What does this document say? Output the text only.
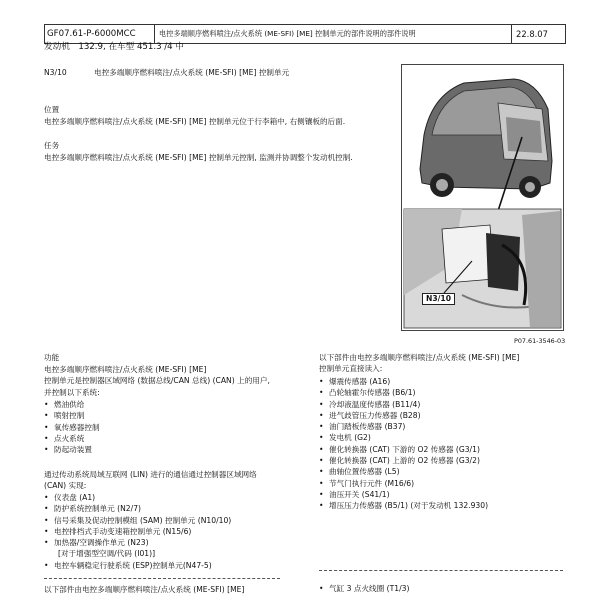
GF07.61-P-6000MCC	电控多端顺序燃料喷注/点火系统 (ME-SFI) [ME] 控制单元的部件说明的部件说明	22.8.07
发动机　132.9, 在车型 451.3 /4 中
N3/10	电控多端顺序燃料喷注/点火系统 (ME-SFI) [ME] 控制单元
位置
电控多端顺序燃料喷注/点火系统 (ME-SFI) [ME] 控制单元位于行李箱中, 右侧镶板的后面.
任务
电控多端顺序燃料喷注/点火系统 (ME-SFI) [ME] 控制单元控制, 监测并协调整个发动机控制.
N3/10
P07.61-3546-03
功能
电控多端顺序燃料喷注/点火系统 (ME-SFI) [ME]
控制单元是控制器区域网络 (数据总线/CAN 总线) (CAN) 上的用户,
并控制以下系统:
• 燃油供给
• 喷射控制
• 氧传感器控制
• 点火系统
• 防起动装置
通过传动系统局域互联网 (LIN) 进行的通信通过控制器区域网络
(CAN) 实现:
• 仪表盘 (A1)
• 防护系统控制单元 (N2/7)
• 信号采集及促动控制模组 (SAM) 控制单元 (N10/10)
• 电控排档式手动变速箱控制单元 (N15/6)
• 加热器/空调操作单元 (N23)
[对于增强型空调/代码 (I01)]
• 电控车辆稳定行驶系统 (ESP)控制单元(N47-5)
以下部件由电控多端顺序燃料喷注/点火系统 (ME-SFI) [ME]
以下部件由电控多端顺序燃料喷注/点火系统 (ME-SFI) [ME]
控制单元直接读入:
• 爆震传感器 (A16)
• 凸轮轴霍尔传感器 (B6/1)
• 冷却液温度传感器 (B11/4)
• 进气歧管压力传感器 (B28)
• 油门踏板传感器 (B37)
• 发电机 (G2)
• 催化转换器 (CAT) 下游的 O2 传感器 (G3/1)
• 催化转换器 (CAT) 上游的 O2 传感器 (G3/2)
• 曲轴位置传感器 (L5)
• 节气门执行元件 (M16/6)
• 油压开关 (S41/1)
• 增压压力传感器 (B5/1) (对于发动机 132.930)
• 气缸 3 点火线圈 (T1/3)
